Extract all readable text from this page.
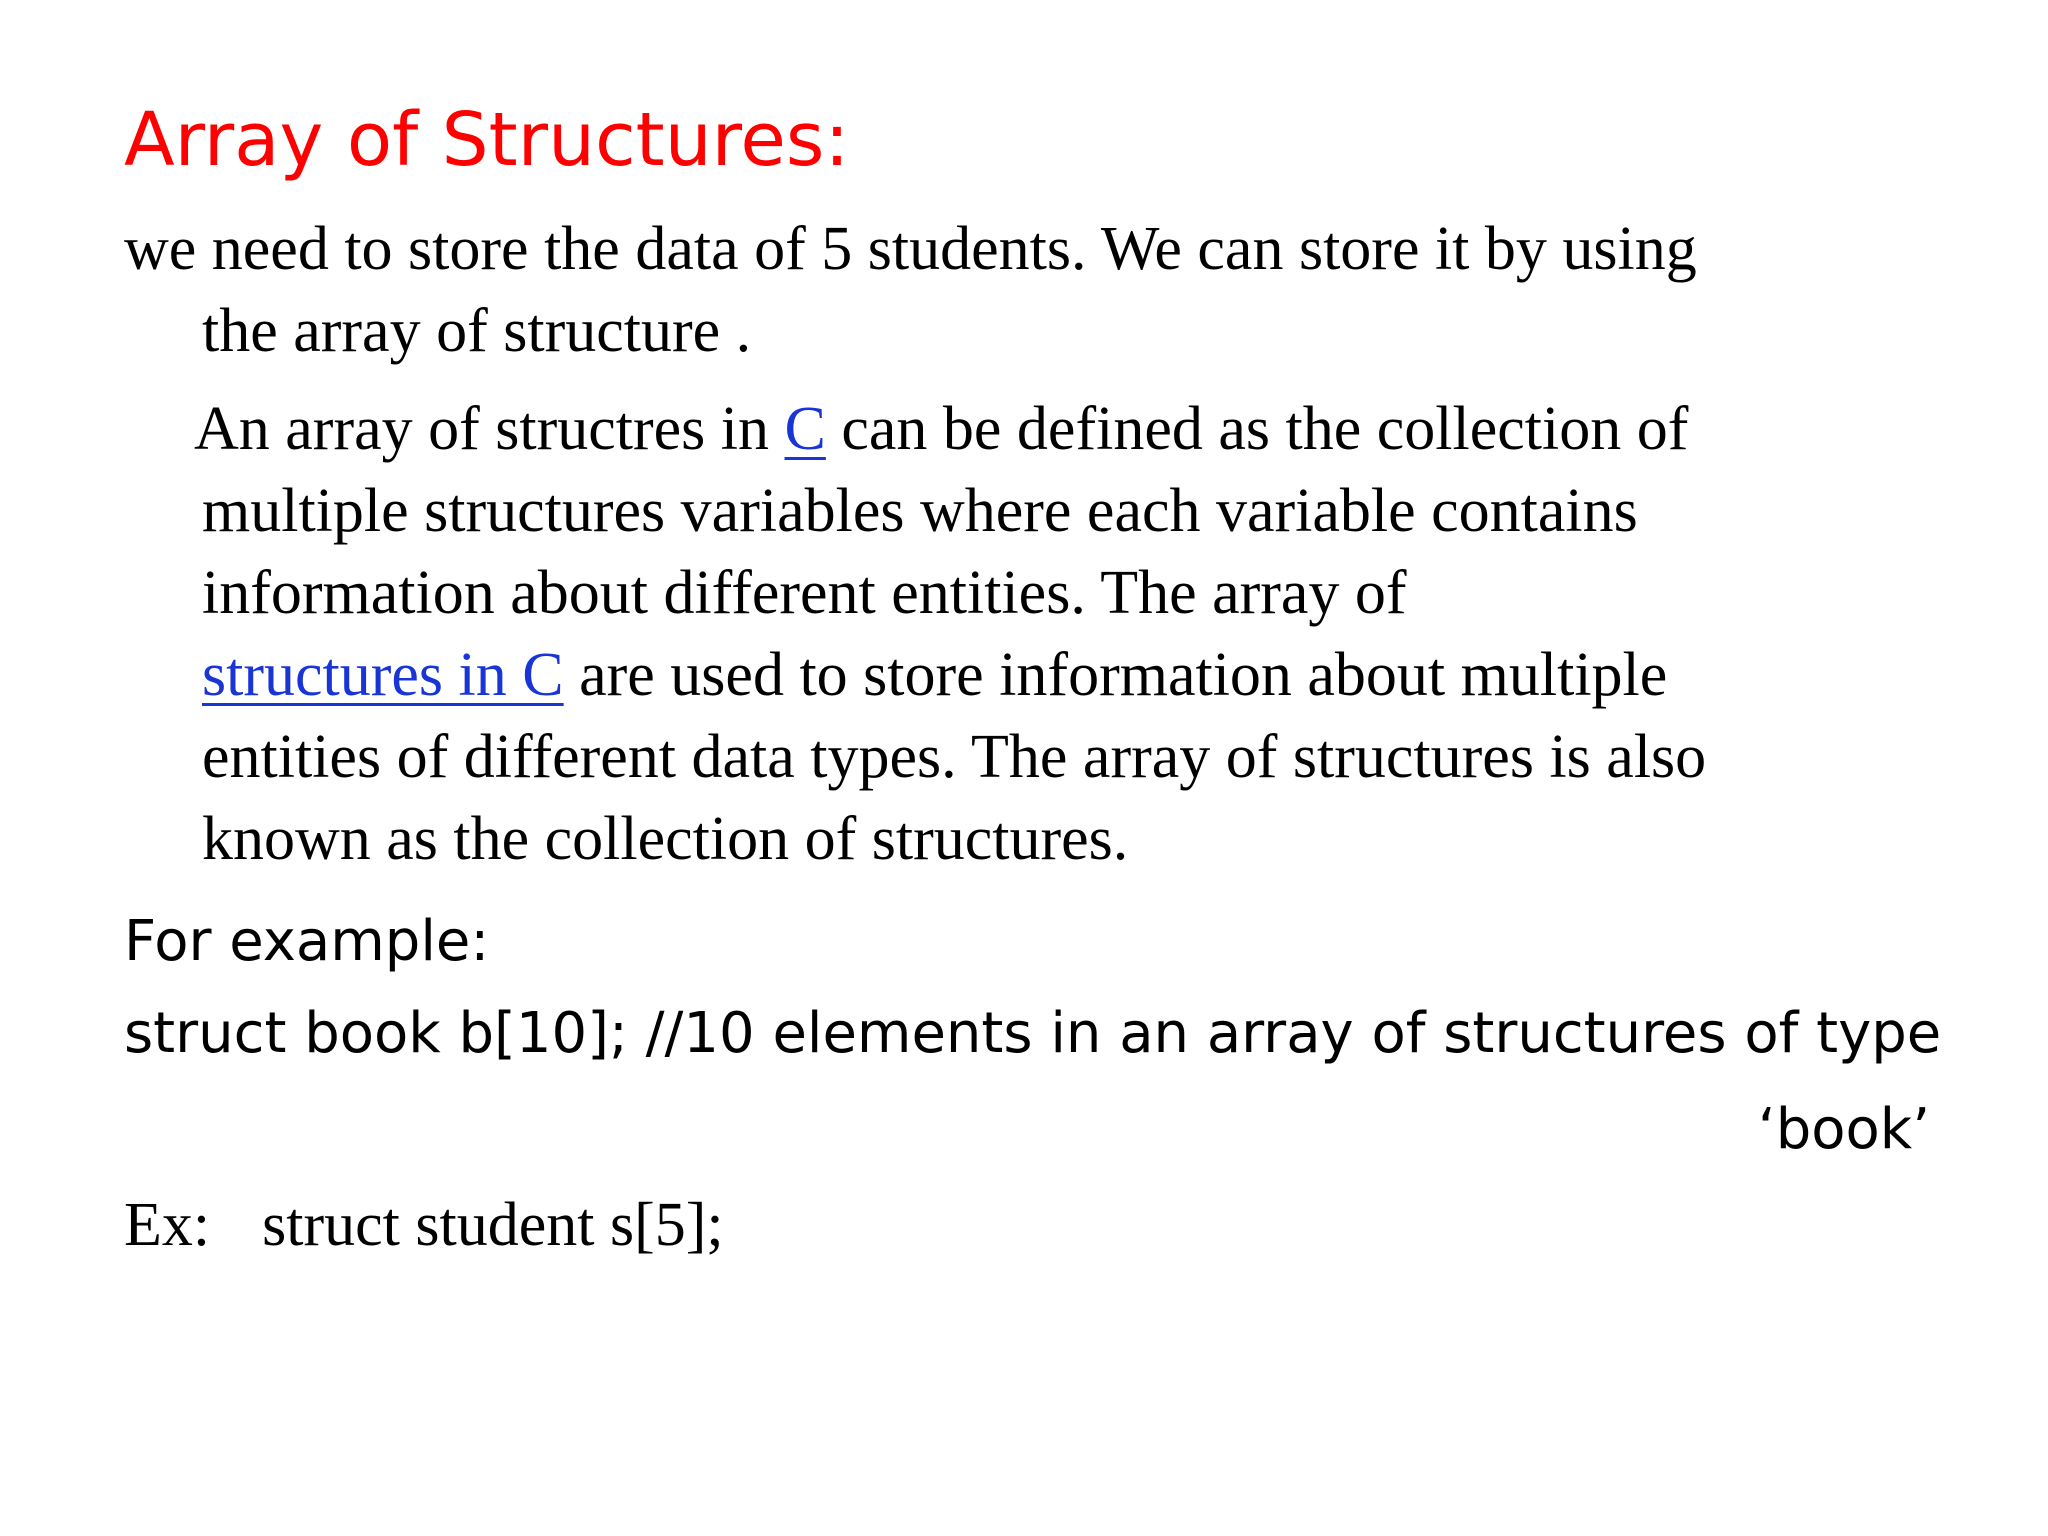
Array of Structures:
we need to store the data of 5 students. We can store it by using
the array of structure .
An array of structres in C can be defined as the collection of
multiple structures variables where each variable contains
information about different entities. The array of
structures in C are used to store information about multiple
entities of different data types. The array of structures is also
known as the collection of structures.
For example:
struct book b[10]; //10 elements in an array of structures of type
‘book’
Ex: struct student s[5];
